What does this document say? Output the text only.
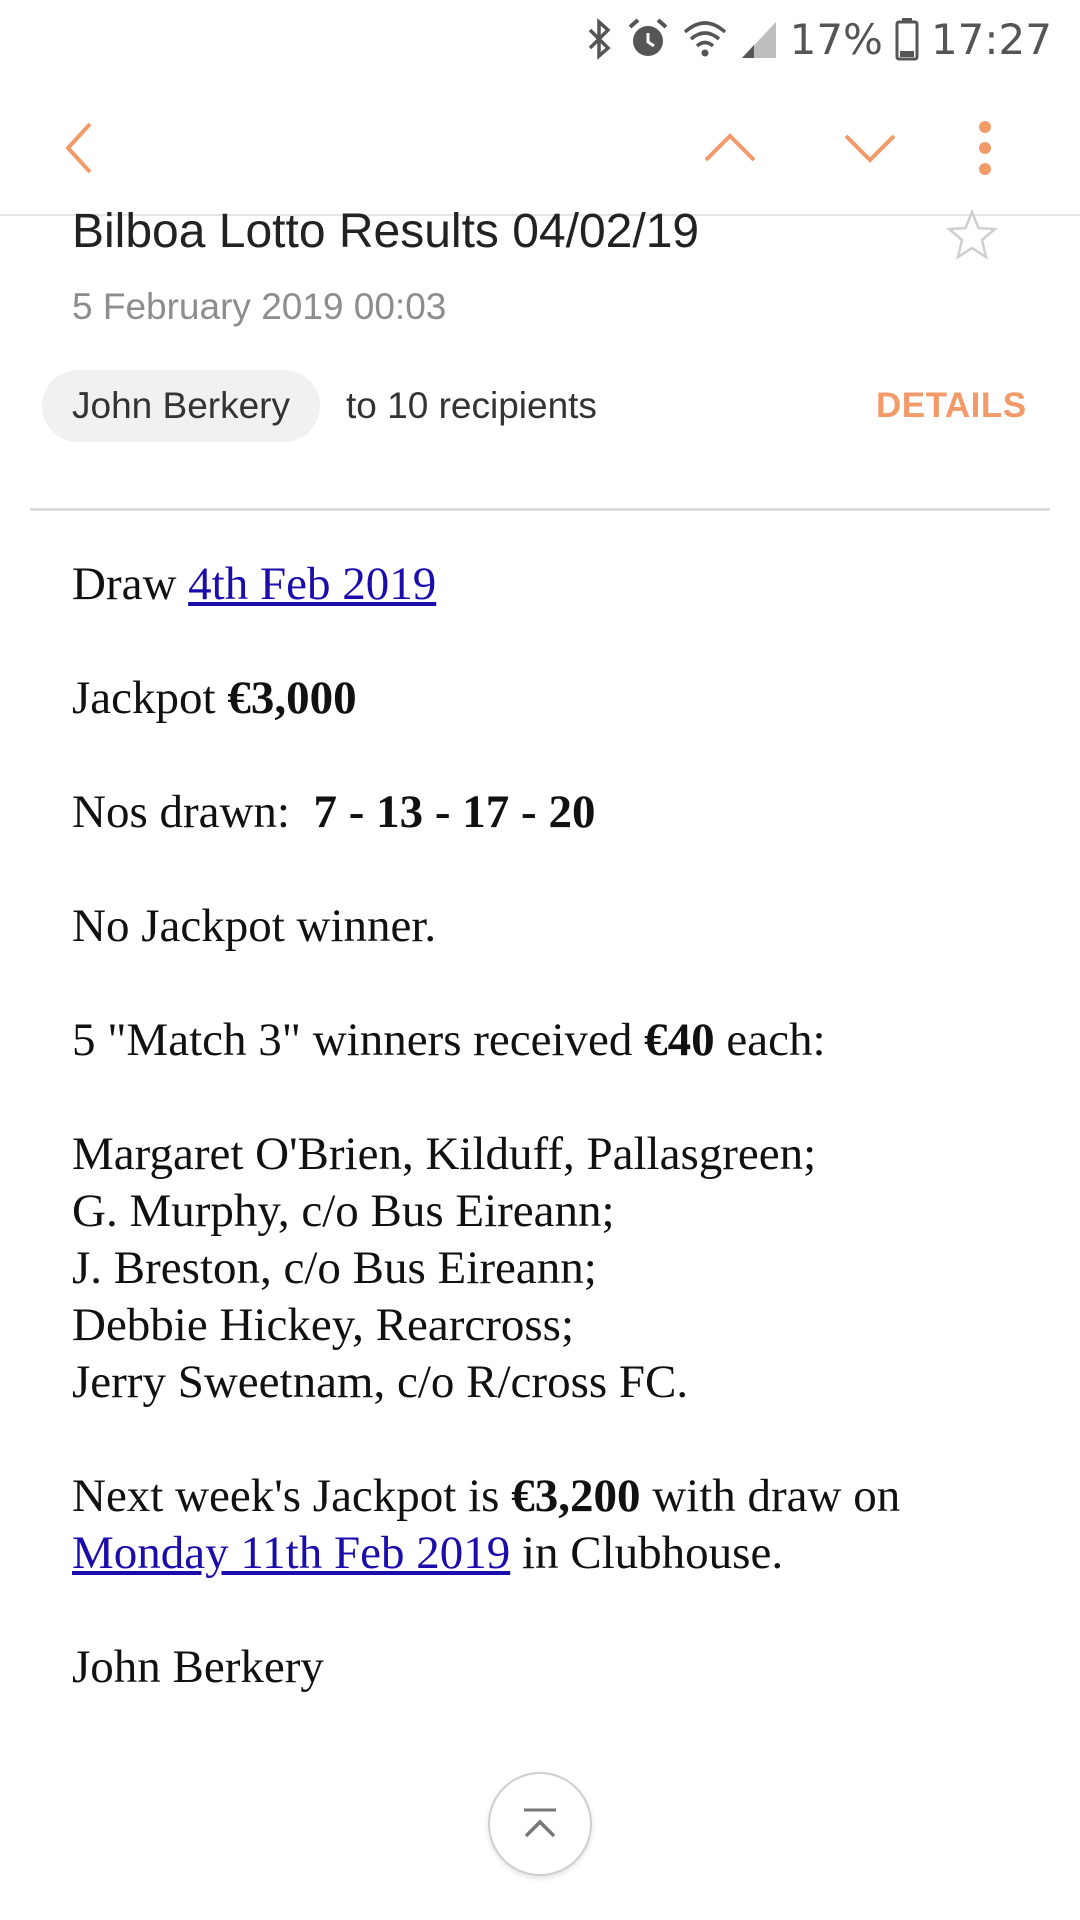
17% 17:27
Bilboa Lotto Results 04/02/19
5 February 2019 00:03
John Berkery	to 10 recipients	DETAILS

Draw 4th Feb 2019

Jackpot €3,000

Nos drawn:  7 - 13 - 17 - 20

No Jackpot winner.

5 "Match 3" winners received €40 each:

Margaret O'Brien, Kilduff, Pallasgreen;
G. Murphy, c/o Bus Eireann;
J. Breston, c/o Bus Eireann;
Debbie Hickey, Rearcross;
Jerry Sweetnam, c/o R/cross FC.

Next week's Jackpot is €3,200 with draw on Monday 11th Feb 2019 in Clubhouse.

John Berkery
